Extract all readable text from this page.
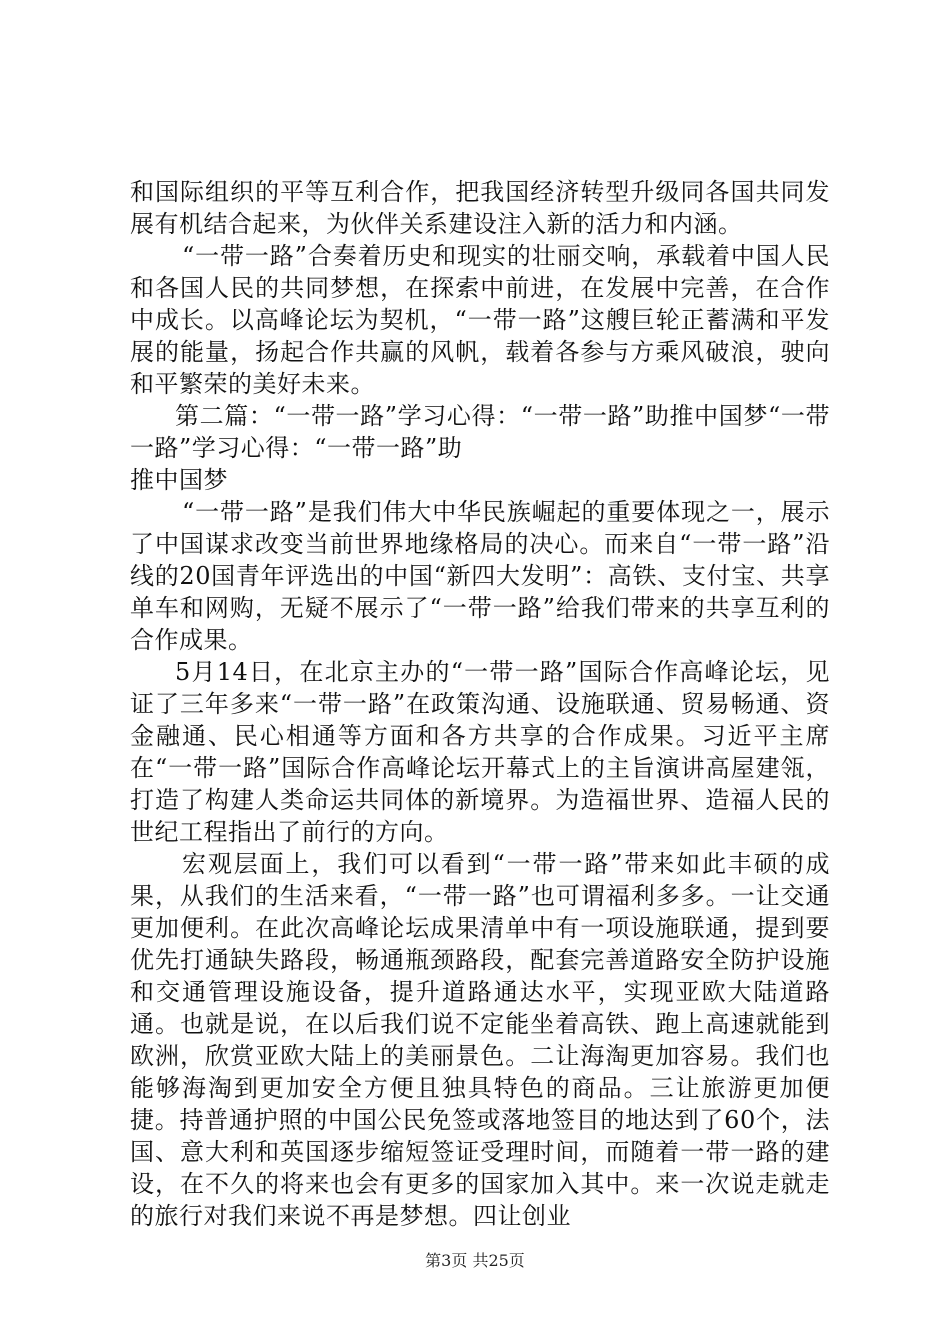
和国际组织的平等互利合作，把我国经济转型升级同各国共同发展有机结合起来，为伙伴关系建设注入新的活力和内涵。

“一带一路”合奏着历史和现实的壮丽交响，承载着中国人民和各国人民的共同梦想，在探索中前进，在发展中完善，在合作中成长。以高峰论坛为契机，“一带一路”这艘巨轮正蓄满和平发展的能量，扬起合作共赢的风帆，载着各参与方乘风破浪，驶向和平繁荣的美好未来。

第二篇：“一带一路”学习心得：“一带一路”助推中国梦“一带一路”学习心得：“一带一路”助

推中国梦

“一带一路”是我们伟大中华民族崛起的重要体现之一，展示了中国谋求改变当前世界地缘格局的决心。而来自“一带一路”沿线的20国青年评选出的中国“新四大发明”：高铁、支付宝、共享单车和网购，无疑不展示了“一带一路”给我们带来的共享互利的合作成果。

5月14日，在北京主办的“一带一路”国际合作高峰论坛，见证了三年多来“一带一路”在政策沟通、设施联通、贸易畅通、资金融通、民心相通等方面和各方共享的合作成果。习近平主席在“一带一路”国际合作高峰论坛开幕式上的主旨演讲高屋建瓴，打造了构建人类命运共同体的新境界。为造福世界、造福人民的世纪工程指出了前行的方向。

宏观层面上，我们可以看到“一带一路”带来如此丰硕的成果，从我们的生活来看，“一带一路”也可谓福利多多。一让交通更加便利。在此次高峰论坛成果清单中有一项设施联通，提到要优先打通缺失路段，畅通瓶颈路段，配套完善道路安全防护设施和交通管理设施设备，提升道路通达水平，实现亚欧大陆道路通。也就是说，在以后我们说不定能坐着高铁、跑上高速就能到欧洲，欣赏亚欧大陆上的美丽景色。二让海淘更加容易。我们也能够海淘到更加安全方便且独具特色的商品。三让旅游更加便捷。持普通护照的中国公民免签或落地签目的地达到了60个，法国、意大利和英国逐步缩短签证受理时间，而随着一带一路的建设，在不久的将来也会有更多的国家加入其中。来一次说走就走的旅行对我们来说不再是梦想。四让创业

第3页 共25页
